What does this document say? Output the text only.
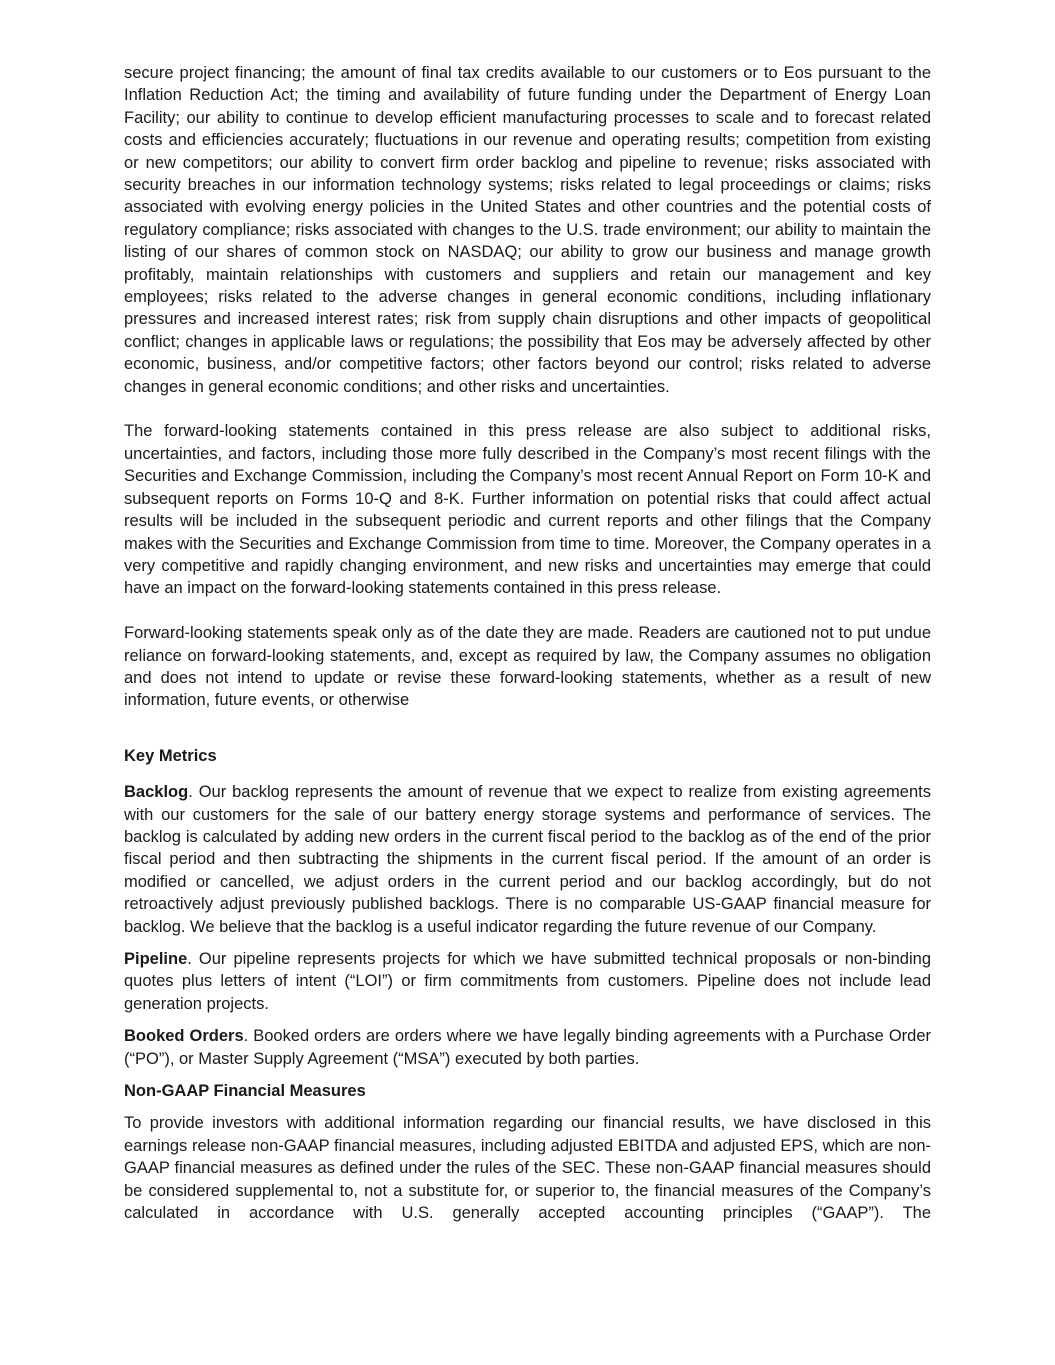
secure project financing; the amount of final tax credits available to our customers or to Eos pursuant to the Inflation Reduction Act; the timing and availability of future funding under the Department of Energy Loan Facility; our ability to continue to develop efficient manufacturing processes to scale and to forecast related costs and efficiencies accurately; fluctuations in our revenue and operating results; competition from existing or new competitors; our ability to convert firm order backlog and pipeline to revenue; risks associated with security breaches in our information technology systems; risks related to legal proceedings or claims; risks associated with evolving energy policies in the United States and other countries and the potential costs of regulatory compliance; risks associated with changes to the U.S. trade environment; our ability to maintain the listing of our shares of common stock on NASDAQ; our ability to grow our business and manage growth profitably, maintain relationships with customers and suppliers and retain our management and key employees; risks related to the adverse changes in general economic conditions, including inflationary pressures and increased interest rates; risk from supply chain disruptions and other impacts of geopolitical conflict; changes in applicable laws or regulations; the possibility that Eos may be adversely affected by other economic, business, and/or competitive factors; other factors beyond our control; risks related to adverse changes in general economic conditions; and other risks and uncertainties.

The forward-looking statements contained in this press release are also subject to additional risks, uncertainties, and factors, including those more fully described in the Company’s most recent filings with the Securities and Exchange Commission, including the Company’s most recent Annual Report on Form 10-K and subsequent reports on Forms 10-Q and 8-K. Further information on potential risks that could affect actual results will be included in the subsequent periodic and current reports and other filings that the Company makes with the Securities and Exchange Commission from time to time. Moreover, the Company operates in a very competitive and rapidly changing environment, and new risks and uncertainties may emerge that could have an impact on the forward-looking statements contained in this press release.

Forward-looking statements speak only as of the date they are made. Readers are cautioned not to put undue reliance on forward-looking statements, and, except as required by law, the Company assumes no obligation and does not intend to update or revise these forward-looking statements, whether as a result of new information, future events, or otherwise

Key Metrics

Backlog. Our backlog represents the amount of revenue that we expect to realize from existing agreements with our customers for the sale of our battery energy storage systems and performance of services. The backlog is calculated by adding new orders in the current fiscal period to the backlog as of the end of the prior fiscal period and then subtracting the shipments in the current fiscal period. If the amount of an order is modified or cancelled, we adjust orders in the current period and our backlog accordingly, but do not retroactively adjust previously published backlogs. There is no comparable US-GAAP financial measure for backlog. We believe that the backlog is a useful indicator regarding the future revenue of our Company.

Pipeline. Our pipeline represents projects for which we have submitted technical proposals or non-binding quotes plus letters of intent (“LOI”) or firm commitments from customers. Pipeline does not include lead generation projects.

Booked Orders. Booked orders are orders where we have legally binding agreements with a Purchase Order (“PO”), or Master Supply Agreement (“MSA”) executed by both parties.

Non-GAAP Financial Measures

To provide investors with additional information regarding our financial results, we have disclosed in this earnings release non-GAAP financial measures, including adjusted EBITDA and adjusted EPS, which are non-GAAP financial measures as defined under the rules of the SEC. These non-GAAP financial measures should be considered supplemental to, not a substitute for, or superior to, the financial measures of the Company’s calculated in accordance with U.S. generally accepted accounting principles (“GAAP”). The
